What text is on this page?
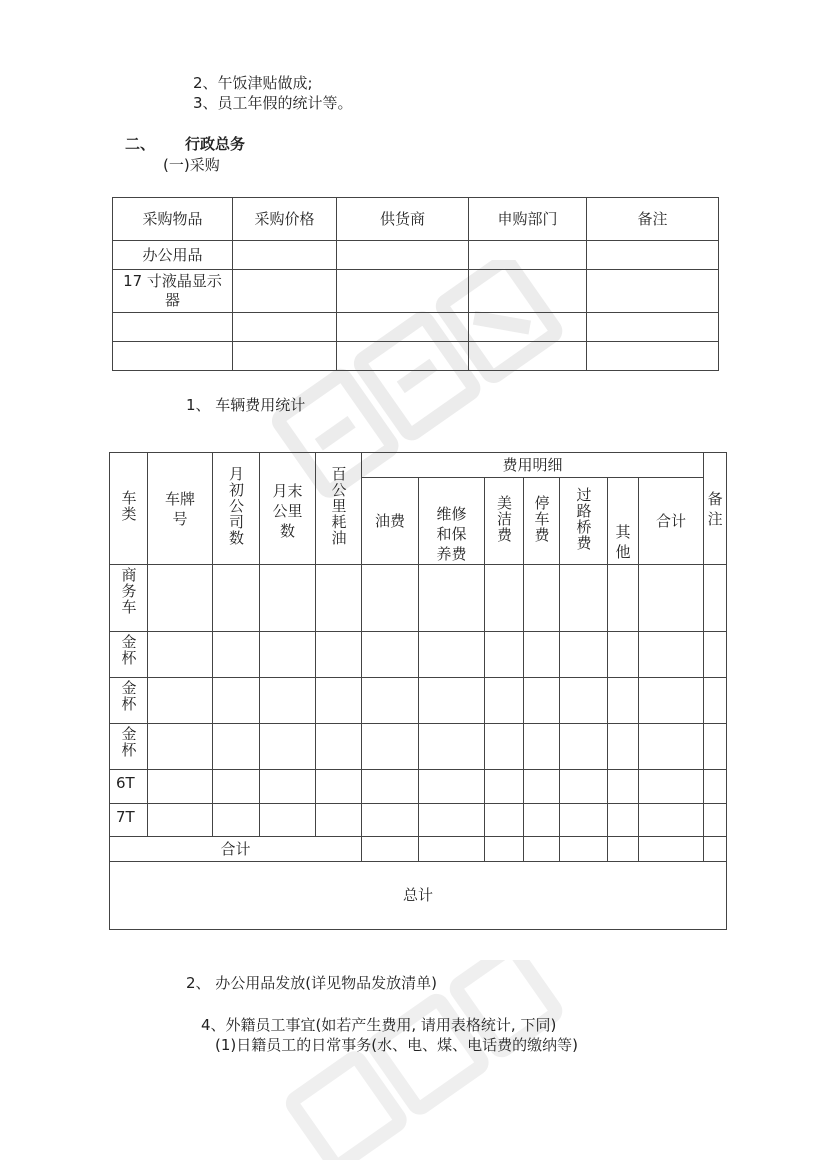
2、午饭津贴做成;
3、员工年假的统计等。
二、 行政总务
(一)采购
采购物品	采购价格	供货商	申购部门	备注
办公用品				
17 寸液晶显示器				

1、 车辆费用统计
车类	车牌号	月初公司数	月末公里数	百公里耗油	费用明细							备注
					油费	维修和保养费	美洁费	停车费	过路桥费	其他	合计	
商务车												
金杯												
金杯												
金杯												
6T												
7T												
合计												
总计												
2、 办公用品发放(详见物品发放清单)
4、外籍员工事宜(如若产生费用, 请用表格统计, 下同)
(1)日籍员工的日常事务(水、电、煤、电话费的缴纳等)
